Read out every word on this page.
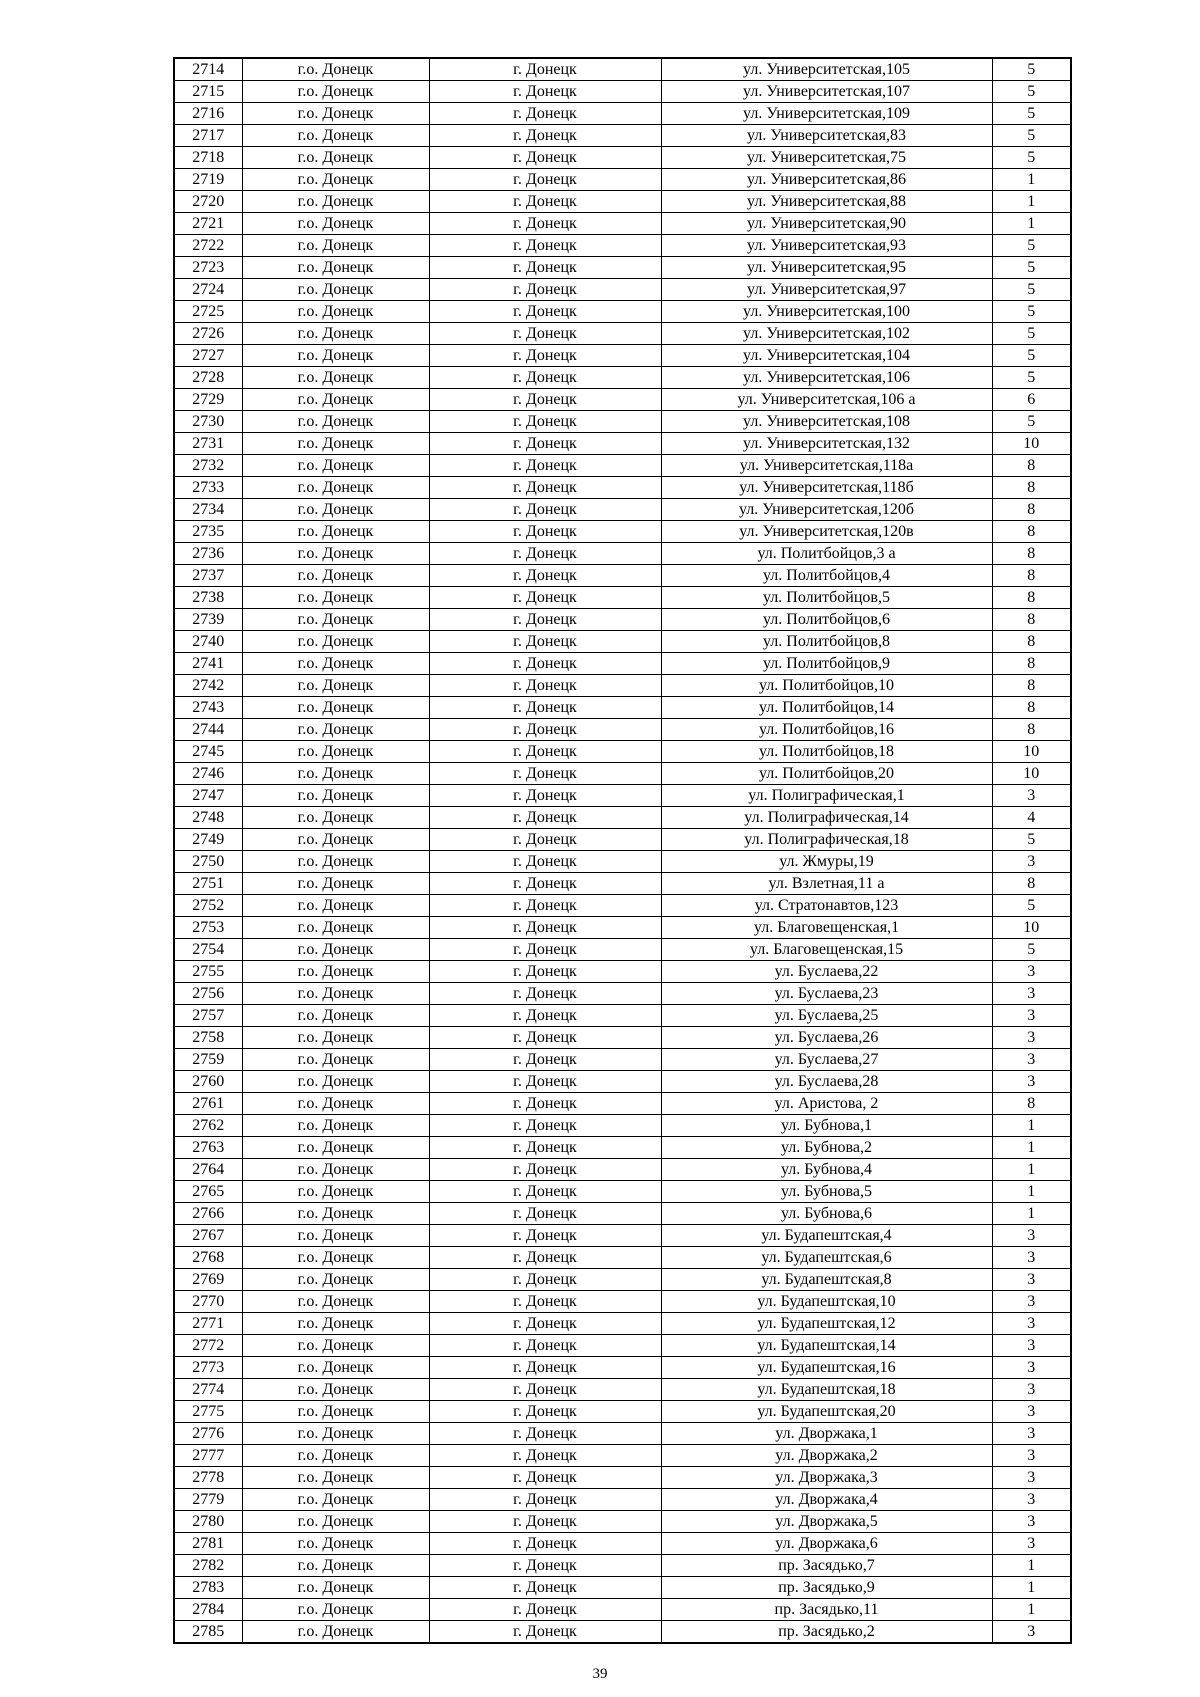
2714	г.о. Донецк	г. Донецк	ул. Университетская,105	5
2715	г.о. Донецк	г. Донецк	ул. Университетская,107	5
2716	г.о. Донецк	г. Донецк	ул. Университетская,109	5
2717	г.о. Донецк	г. Донецк	ул. Университетская,83	5
2718	г.о. Донецк	г. Донецк	ул. Университетская,75	5
2719	г.о. Донецк	г. Донецк	ул. Университетская,86	1
2720	г.о. Донецк	г. Донецк	ул. Университетская,88	1
2721	г.о. Донецк	г. Донецк	ул. Университетская,90	1
2722	г.о. Донецк	г. Донецк	ул. Университетская,93	5
2723	г.о. Донецк	г. Донецк	ул. Университетская,95	5
2724	г.о. Донецк	г. Донецк	ул. Университетская,97	5
2725	г.о. Донецк	г. Донецк	ул. Университетская,100	5
2726	г.о. Донецк	г. Донецк	ул. Университетская,102	5
2727	г.о. Донецк	г. Донецк	ул. Университетская,104	5
2728	г.о. Донецк	г. Донецк	ул. Университетская,106	5
2729	г.о. Донецк	г. Донецк	ул. Университетская,106 а	6
2730	г.о. Донецк	г. Донецк	ул. Университетская,108	5
2731	г.о. Донецк	г. Донецк	ул. Университетская,132	10
2732	г.о. Донецк	г. Донецк	ул. Университетская,118а	8
2733	г.о. Донецк	г. Донецк	ул. Университетская,118б	8
2734	г.о. Донецк	г. Донецк	ул. Университетская,120б	8
2735	г.о. Донецк	г. Донецк	ул. Университетская,120в	8
2736	г.о. Донецк	г. Донецк	ул. Политбойцов,3 а	8
2737	г.о. Донецк	г. Донецк	ул. Политбойцов,4	8
2738	г.о. Донецк	г. Донецк	ул. Политбойцов,5	8
2739	г.о. Донецк	г. Донецк	ул. Политбойцов,6	8
2740	г.о. Донецк	г. Донецк	ул. Политбойцов,8	8
2741	г.о. Донецк	г. Донецк	ул. Политбойцов,9	8
2742	г.о. Донецк	г. Донецк	ул. Политбойцов,10	8
2743	г.о. Донецк	г. Донецк	ул. Политбойцов,14	8
2744	г.о. Донецк	г. Донецк	ул. Политбойцов,16	8
2745	г.о. Донецк	г. Донецк	ул. Политбойцов,18	10
2746	г.о. Донецк	г. Донецк	ул. Политбойцов,20	10
2747	г.о. Донецк	г. Донецк	ул. Полиграфическая,1	3
2748	г.о. Донецк	г. Донецк	ул. Полиграфическая,14	4
2749	г.о. Донецк	г. Донецк	ул. Полиграфическая,18	5
2750	г.о. Донецк	г. Донецк	ул. Жмуры,19	3
2751	г.о. Донецк	г. Донецк	ул. Взлетная,11 а	8
2752	г.о. Донецк	г. Донецк	ул. Стратонавтов,123	5
2753	г.о. Донецк	г. Донецк	ул. Благовещенская,1	10
2754	г.о. Донецк	г. Донецк	ул. Благовещенская,15	5
2755	г.о. Донецк	г. Донецк	ул. Буслаева,22	3
2756	г.о. Донецк	г. Донецк	ул. Буслаева,23	3
2757	г.о. Донецк	г. Донецк	ул. Буслаева,25	3
2758	г.о. Донецк	г. Донецк	ул. Буслаева,26	3
2759	г.о. Донецк	г. Донецк	ул. Буслаева,27	3
2760	г.о. Донецк	г. Донецк	ул. Буслаева,28	3
2761	г.о. Донецк	г. Донецк	ул. Аристова, 2	8
2762	г.о. Донецк	г. Донецк	ул. Бубнова,1	1
2763	г.о. Донецк	г. Донецк	ул. Бубнова,2	1
2764	г.о. Донецк	г. Донецк	ул. Бубнова,4	1
2765	г.о. Донецк	г. Донецк	ул. Бубнова,5	1
2766	г.о. Донецк	г. Донецк	ул. Бубнова,6	1
2767	г.о. Донецк	г. Донецк	ул. Будапештская,4	3
2768	г.о. Донецк	г. Донецк	ул. Будапештская,6	3
2769	г.о. Донецк	г. Донецк	ул. Будапештская,8	3
2770	г.о. Донецк	г. Донецк	ул. Будапештская,10	3
2771	г.о. Донецк	г. Донецк	ул. Будапештская,12	3
2772	г.о. Донецк	г. Донецк	ул. Будапештская,14	3
2773	г.о. Донецк	г. Донецк	ул. Будапештская,16	3
2774	г.о. Донецк	г. Донецк	ул. Будапештская,18	3
2775	г.о. Донецк	г. Донецк	ул. Будапештская,20	3
2776	г.о. Донецк	г. Донецк	ул. Дворжака,1	3
2777	г.о. Донецк	г. Донецк	ул. Дворжака,2	3
2778	г.о. Донецк	г. Донецк	ул. Дворжака,3	3
2779	г.о. Донецк	г. Донецк	ул. Дворжака,4	3
2780	г.о. Донецк	г. Донецк	ул. Дворжака,5	3
2781	г.о. Донецк	г. Донецк	ул. Дворжака,6	3
2782	г.о. Донецк	г. Донецк	пр. Засядько,7	1
2783	г.о. Донецк	г. Донецк	пр. Засядько,9	1
2784	г.о. Донецк	г. Донецк	пр. Засядько,11	1
2785	г.о. Донецк	г. Донецк	пр. Засядько,2	3
39
